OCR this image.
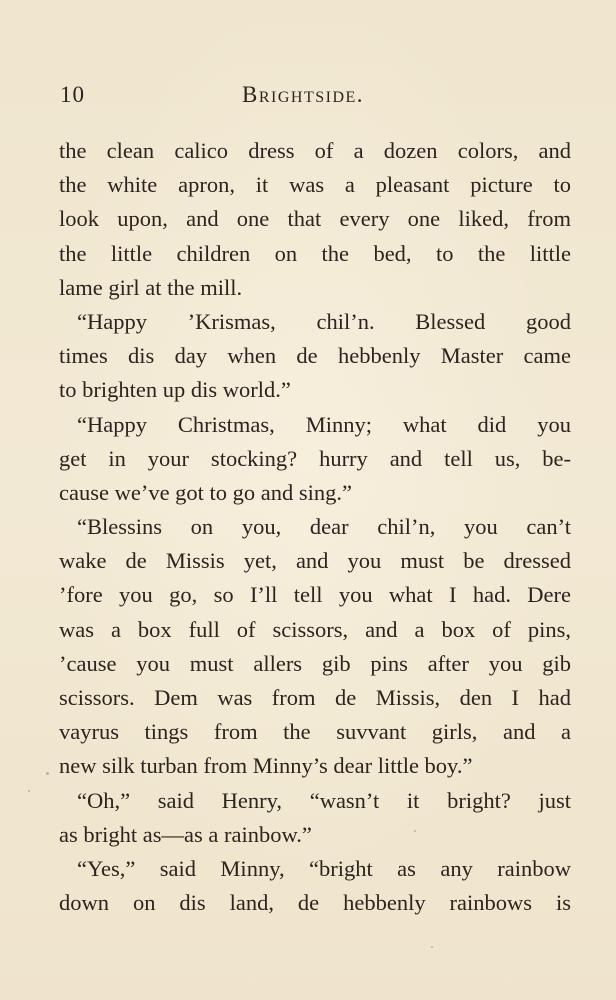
10	Brightside.
the clean calico dress of a dozen colors, and
the white apron, it was a pleasant picture to
look upon, and one that every one liked, from
the little children on the bed, to the little
lame girl at the mill.
“Happy ’Krismas, chil’n. Blessed good
times dis day when de hebbenly Master came
to brighten up dis world.”
“Happy Christmas, Minny; what did you
get in your stocking? hurry and tell us, be-
cause we’ve got to go and sing.”
“Blessins on you, dear chil’n, you can’t
wake de Missis yet, and you must be dressed
’fore you go, so I’ll tell you what I had. Dere
was a box full of scissors, and a box of pins,
’cause you must allers gib pins after you gib
scissors. Dem was from de Missis, den I had
vayrus tings from the suvvant girls, and a
new silk turban from Minny’s dear little boy.”
“Oh,” said Henry, “wasn’t it bright? just
as bright as—as a rainbow.”
“Yes,” said Minny, “bright as any rainbow
down on dis land, de hebbenly rainbows is
